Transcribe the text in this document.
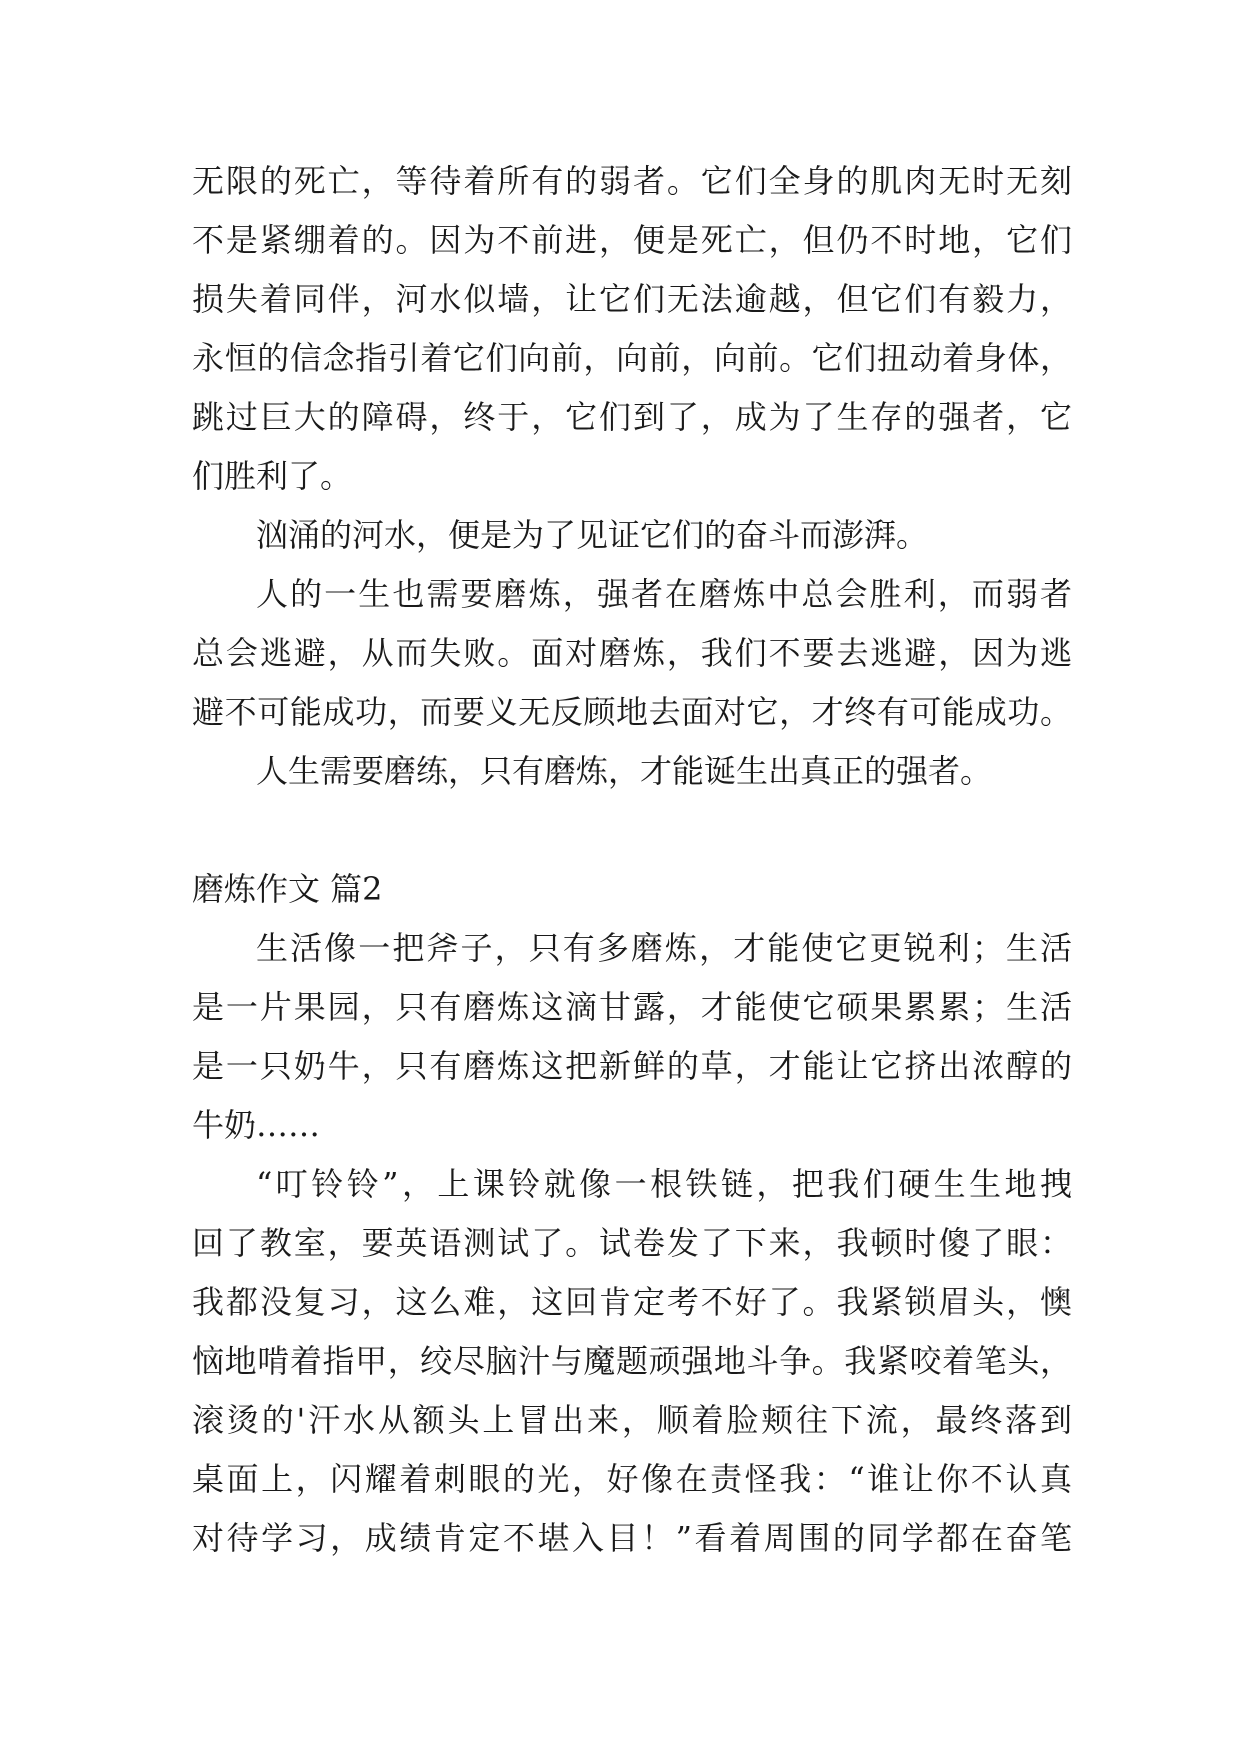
无限的死亡，等待着所有的弱者。它们全身的肌肉无时无刻
不是紧绷着的。因为不前进，便是死亡，但仍不时地，它们
损失着同伴，河水似墙，让它们无法逾越，但它们有毅力，
永恒的信念指引着它们向前，向前，向前。它们扭动着身体，
跳过巨大的障碍，终于，它们到了，成为了生存的强者，它
们胜利了。
汹涌的河水，便是为了见证它们的奋斗而澎湃。
人的一生也需要磨炼，强者在磨炼中总会胜利，而弱者
总会逃避，从而失败。面对磨炼，我们不要去逃避，因为逃
避不可能成功，而要义无反顾地去面对它，才终有可能成功。
人生需要磨练，只有磨炼，才能诞生出真正的强者。
磨炼作文 篇2
生活像一把斧子，只有多磨炼，才能使它更锐利；生活
是一片果园，只有磨炼这滴甘露，才能使它硕果累累；生活
是一只奶牛，只有磨炼这把新鲜的草，才能让它挤出浓醇的
牛奶……
“叮铃铃”，上课铃就像一根铁链，把我们硬生生地拽
回了教室，要英语测试了。试卷发了下来，我顿时傻了眼：
我都没复习，这么难，这回肯定考不好了。我紧锁眉头，懊
恼地啃着指甲，绞尽脑汁与魔题顽强地斗争。我紧咬着笔头，
滚烫的'汗水从额头上冒出来，顺着脸颊往下流，最终落到
桌面上，闪耀着刺眼的光，好像在责怪我：“谁让你不认真
对待学习，成绩肯定不堪入目！”看着周围的同学都在奋笔
